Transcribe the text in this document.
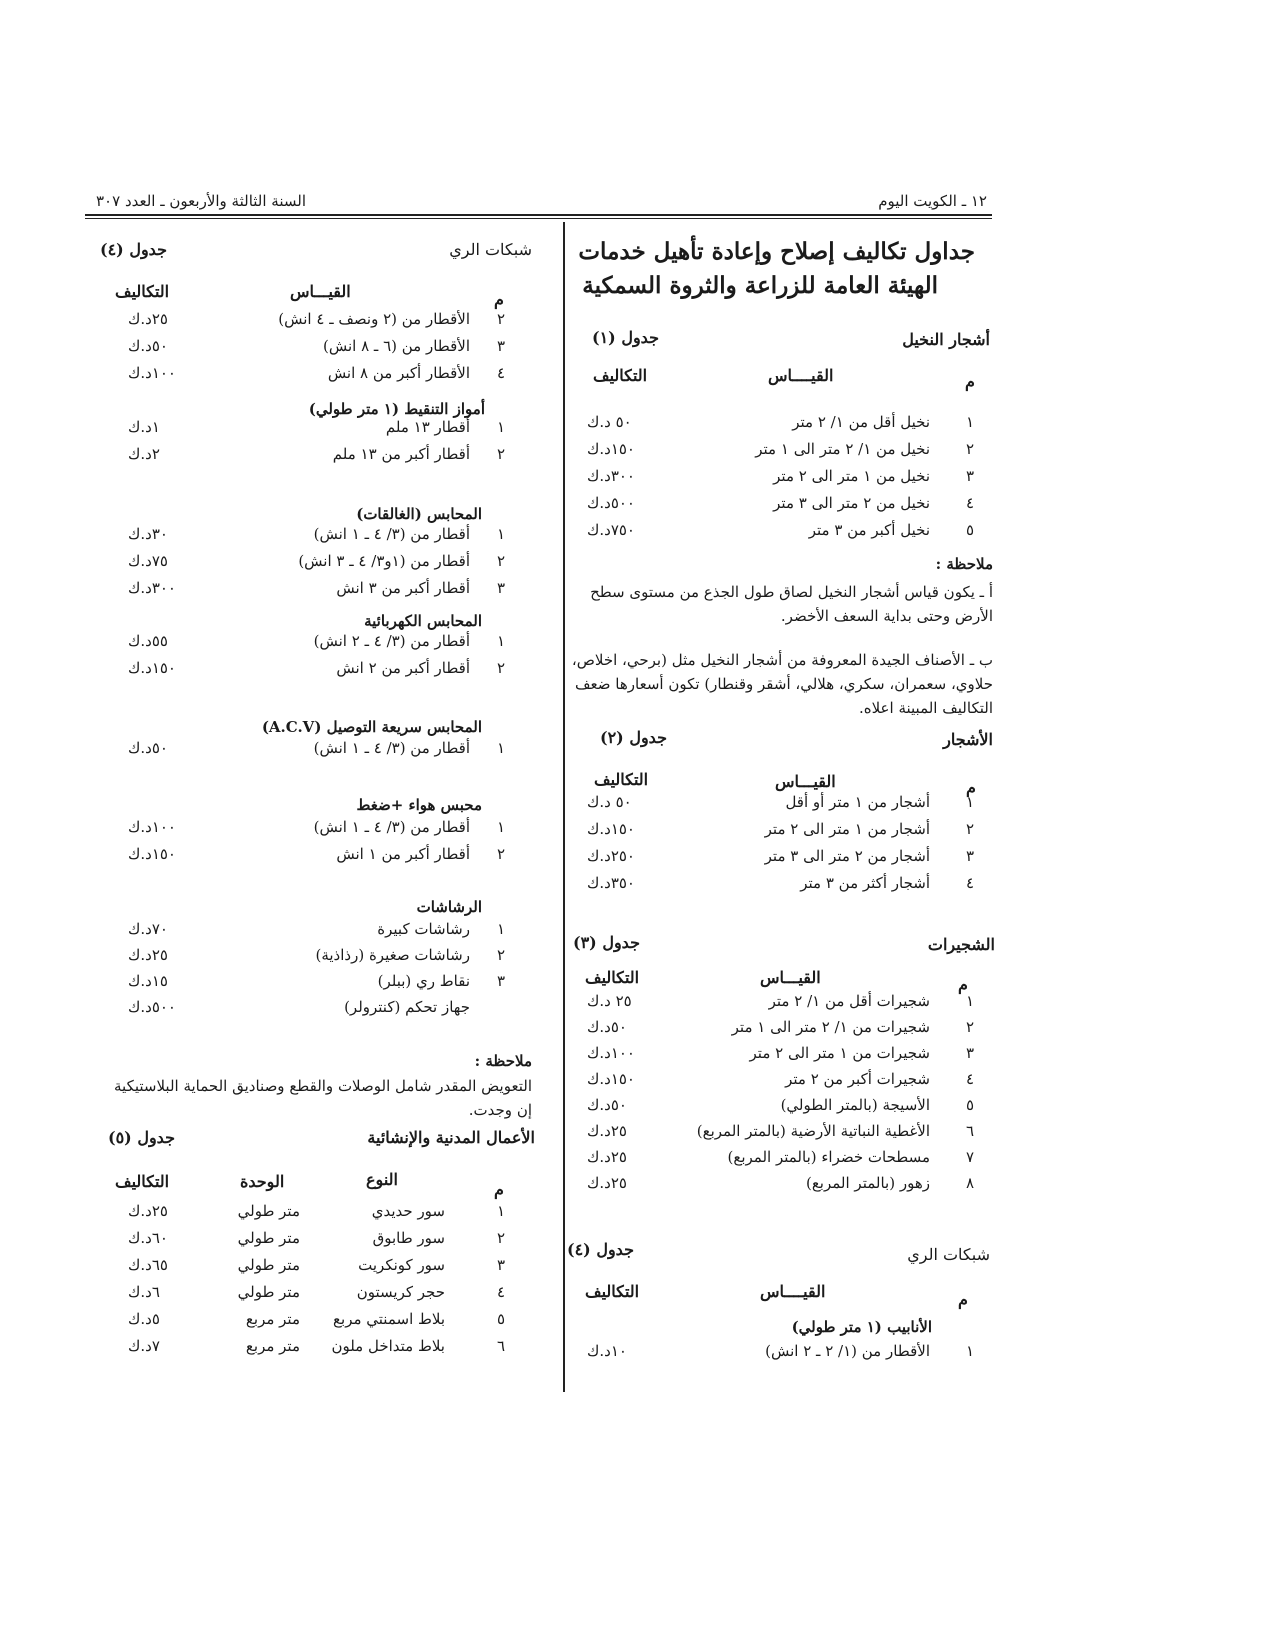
١٢ ـ الكويت اليوم
السنة الثالثة والأربعون ـ العدد ٣٠٧
جداول تكاليف إصلاح وإعادة تأهيل خدمات
الهيئة العامة للزراعة والثروة السمكية
أشجار النخيل
جدول (١)
م
القيــــاس
التكاليف
١
نخيل أقل من ١/ ٢ متر
٥٠ د.ك
٢
نخيل من ١/ ٢ متر الى ١ متر
١٥٠د.ك
٣
نخيل من ١ متر الى ٢ متر
٣٠٠د.ك
٤
نخيل من ٢ متر الى ٣ متر
٥٠٠د.ك
٥
نخيل أكبر من ٣ متر
٧٥٠د.ك
ملاحظة :
أ ـ يكون قياس أشجار النخيل لصاق طول الجذع من مستوى سطح الأرض وحتى بداية السعف الأخضر.
ب ـ الأصناف الجيدة المعروفة من أشجار النخيل مثل (برحي، اخلاص، حلاوي، سعمران، سكري، هلالي، أشقر وقنطار) تكون أسعارها ضعف التكاليف المبينة اعلاه.
الأشجار
جدول (٢)
م
القيـــاس
التكاليف
١
أشجار من ١ متر أو أقل
٥٠ د.ك
٢
أشجار من ١ متر الى ٢ متر
١٥٠د.ك
٣
أشجار من ٢ متر الى ٣ متر
٢٥٠د.ك
٤
أشجار أكثر من ٣ متر
٣٥٠د.ك
الشجيرات
جدول (٣)
م
القيـــاس
التكاليف
١
شجيرات أقل من ١/ ٢ متر
٢٥ د.ك
٢
شجيرات من ١/ ٢ متر الى ١ متر
٥٠د.ك
٣
شجيرات من ١ متر الى ٢ متر
١٠٠د.ك
٤
شجيرات أكبر من ٢ متر
١٥٠د.ك
٥
الأسيجة (بالمتر الطولي)
٥٠د.ك
٦
الأغطية النباتية الأرضية (بالمتر المربع)
٢٥د.ك
٧
مسطحات خضراء (بالمتر المربع)
٢٥د.ك
٨
زهور (بالمتر المربع)
٢٥د.ك
شبكات الري
جدول (٤)
م
القيــــاس
التكاليف
الأنابيب (١ متر طولي)
١
الأقطار من (١/ ٢ ـ ٢ انش)
١٠د.ك
شبكات الري
جدول (٤)
م
القيـــاس
التكاليف
٢
الأقطار من (٢ ونصف ـ ٤ انش)
٢٥د.ك
٣
الأقطار من (٦ ـ ٨ انش)
٥٠د.ك
٤
الأقطار أكبر من ٨ انش
١٠٠د.ك
أمواز التنقيط (١ متر طولي)
١
أقطار ١٣ ملم
١د.ك
٢
أقطار أكبر من ١٣ ملم
٢د.ك
المحابس (الغالقات)
١
أقطار من (٣/ ٤ ـ ١ انش)
٣٠د.ك
٢
أقطار من (١و٣/ ٤ ـ ٣ انش)
٧٥د.ك
٣
أقطار أكبر من ٣ انش
٣٠٠د.ك
المحابس الكهربائية
١
أقطار من (٣/ ٤ ـ ٢ انش)
٥٥د.ك
٢
أقطار أكبر من ٢ انش
١٥٠د.ك
المحابس سريعة التوصيل (A.C.V)
١
أقطار من (٣/ ٤ ـ ١ انش)
٥٠د.ك
محبس هواء +ضغط
١
أقطار من (٣/ ٤ ـ ١ انش)
١٠٠د.ك
٢
أقطار أكبر من ١ انش
١٥٠د.ك
الرشاشات
١
رشاشات كبيرة
٧٠د.ك
٢
رشاشات صغيرة (رذاذية)
٢٥د.ك
٣
نقاط ري (ببلر)
١٥د.ك
جهاز تحكم (كنترولر)
٥٠٠د.ك
ملاحظة :
التعويض المقدر شامل الوصلات والقطع وصناديق الحماية البلاستيكية إن وجدت.
الأعمال المدنية والإنشائية
جدول (٥)
م
النوع
الوحدة
التكاليف
١
سور حديدي
متر طولي
٢٥د.ك
٢
سور طابوق
متر طولي
٦٠د.ك
٣
سور كونكريت
متر طولي
٦٥د.ك
٤
حجر كريستون
متر طولي
٦د.ك
٥
بلاط اسمنتي مربع
متر مربع
٥د.ك
٦
بلاط متداخل ملون
متر مربع
٧د.ك
